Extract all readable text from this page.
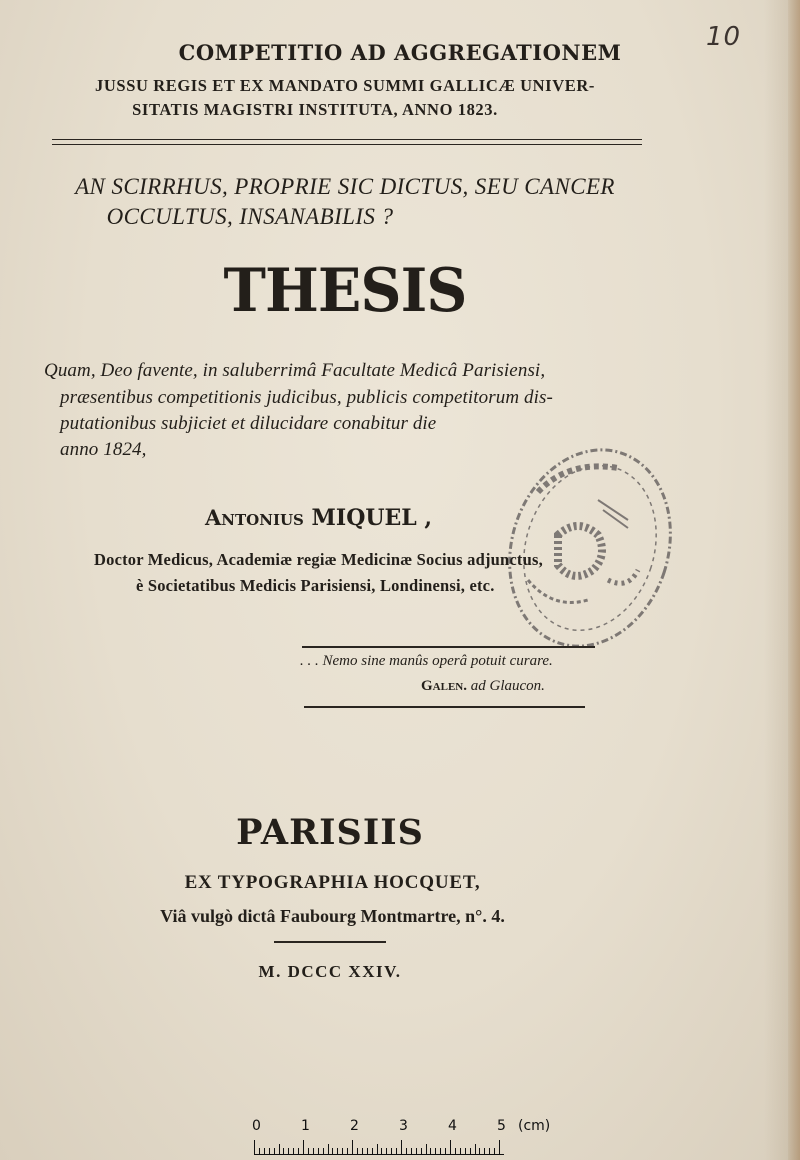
10
COMPETITIO AD AGGREGATIONEM
JUSSU REGIS ET EX MANDATO SUMMI GALLICÆ UNIVER-
SITATIS MAGISTRI INSTITUTA, ANNO 1823.
AN SCIRRHUS, PROPRIE SIC DICTUS, SEU CANCER
OCCULTUS, INSANABILIS ?
THESIS
Quam, Deo favente, in saluberrimâ Facultate Medicâ Parisiensi,
præsentibus competitionis judicibus, publicis competitorum dis-
putationibus subjiciet et dilucidare conabitur die
anno 1824,
Antonius MIQUEL ,
Doctor Medicus, Academiæ regiæ Medicinæ Socius adjunctus,
è Societatibus Medicis Parisiensi, Londinensi, etc.
. . . Nemo sine manûs operâ potuit curare.
Galen. ad Glaucon.
PARISIIS
EX TYPOGRAPHIA HOCQUET,
Viâ vulgò dictâ Faubourg Montmartre, n°. 4.
M. DCCC XXIV.
0	1	2	3	4	5 (cm)
